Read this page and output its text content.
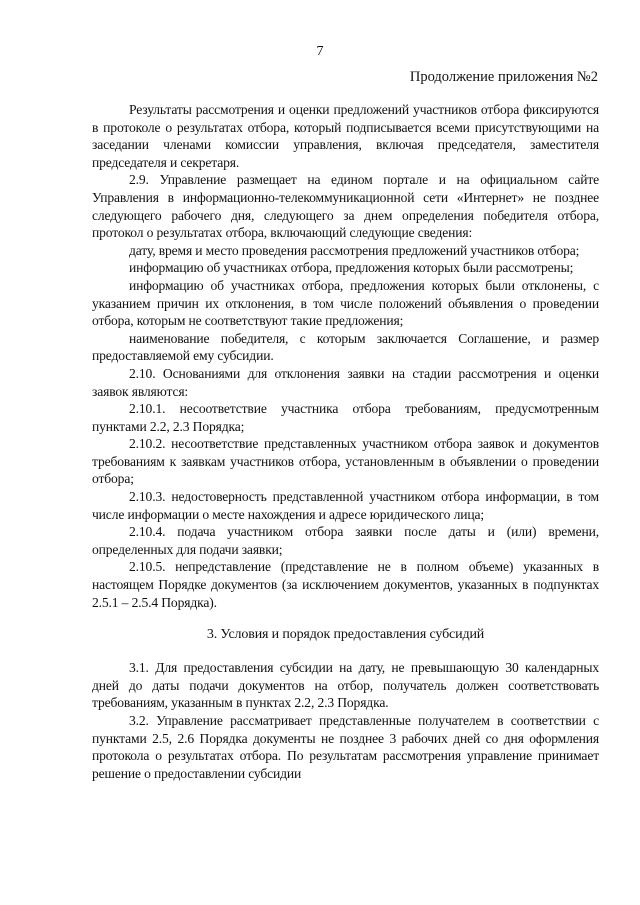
7
Продолжение приложения №2

Результаты рассмотрения и оценки предложений участников отбора фиксируются в протоколе о результатах отбора, который подписывается всеми присутствующими на заседании членами комиссии управления, включая председателя, заместителя председателя и секретаря.

2.9. Управление размещает на едином портале и на официальном сайте Управления в информационно-телекоммуникационной сети «Интернет» не позднее следующего рабочего дня, следующего за днем определения победителя отбора, протокол о результатах отбора, включающий следующие сведения:

дату, время и место проведения рассмотрения предложений участников отбора;

информацию об участниках отбора, предложения которых были рассмотрены;

информацию об участниках отбора, предложения которых были отклонены, с указанием причин их отклонения, в том числе положений объявления о проведении отбора, которым не соответствуют такие предложения;

наименование победителя, с которым заключается Соглашение, и размер предоставляемой ему субсидии.

2.10. Основаниями для отклонения заявки на стадии рассмотрения и оценки заявок являются:

2.10.1. несоответствие участника отбора требованиям, предусмотренным пунктами 2.2, 2.3 Порядка;

2.10.2. несоответствие представленных участником отбора заявок и документов требованиям к заявкам участников отбора, установленным в объявлении о проведении отбора;

2.10.3. недостоверность представленной участником отбора информации, в том числе информации о месте нахождения и адресе юридического лица;

2.10.4. подача участником отбора заявки после даты и (или) времени, определенных для подачи заявки;

2.10.5. непредставление (представление не в полном объеме) указанных в настоящем Порядке документов (за исключением документов, указанных в подпунктах 2.5.1 – 2.5.4 Порядка).

3. Условия и порядок предоставления субсидий

3.1. Для предоставления субсидии на дату, не превышающую 30 календарных дней до даты подачи документов на отбор, получатель должен соответствовать требованиям, указанным в пунктах 2.2, 2.3 Порядка.

3.2. Управление рассматривает представленные получателем в соответствии с пунктами 2.5, 2.6 Порядка документы не позднее 3 рабочих дней со дня оформления протокола о результатах отбора. По результатам рассмотрения управление принимает решение о предоставлении субсидии
